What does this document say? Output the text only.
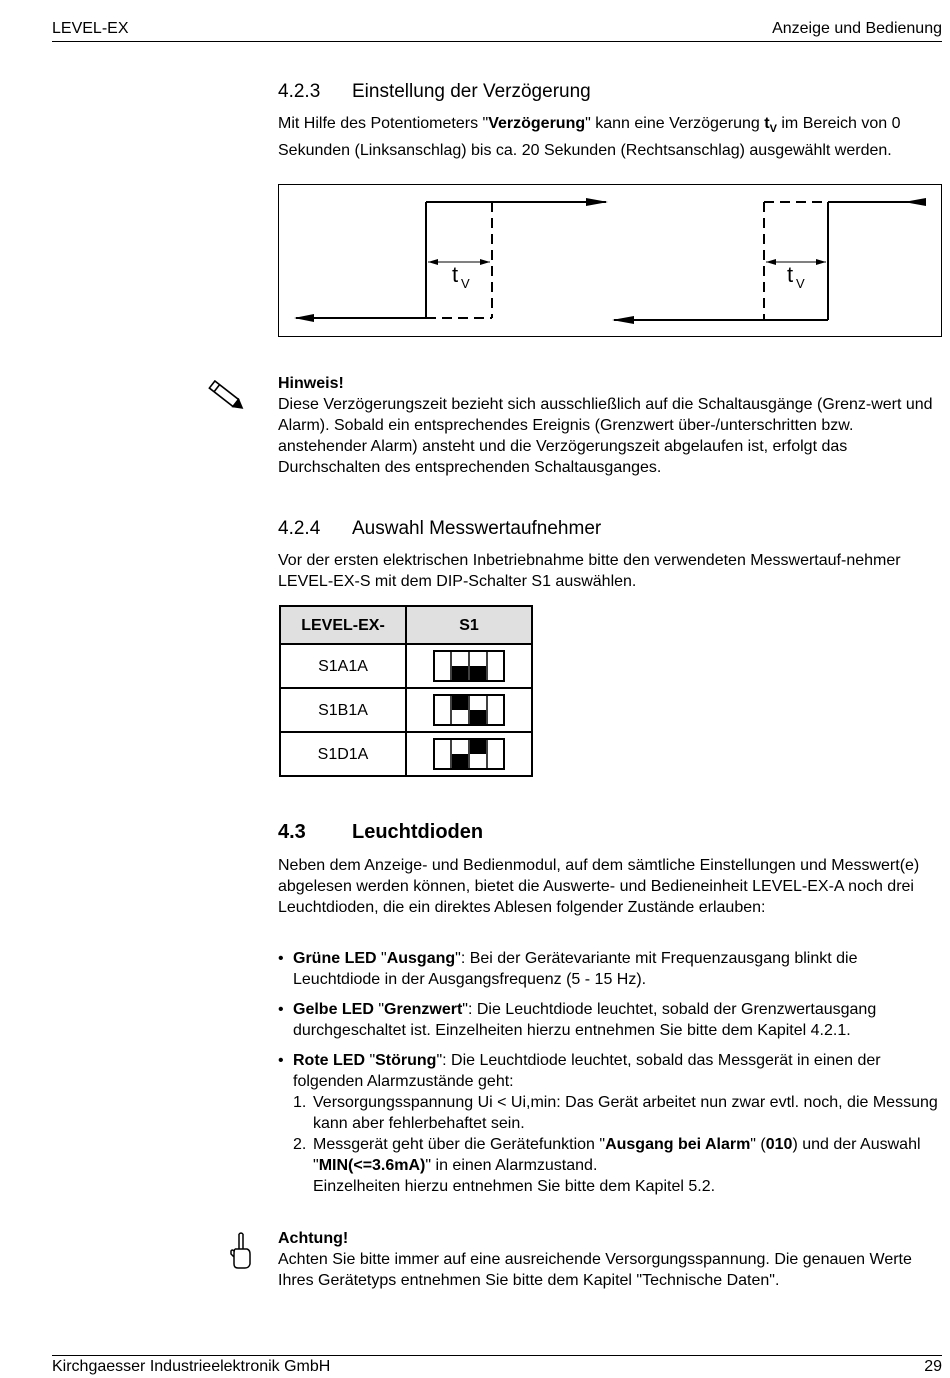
LEVEL-EX	Anzeige und Bedienung
4.2.3 Einstellung der Verzögerung

Mit Hilfe des Potentiometers "Verzögerung" kann eine Verzögerung $t_V$ im Bereich von 0 Sekunden (Linksanschlag) bis ca. 20 Sekunden (Rechtsanschlag) ausgewählt werden.

t V	t V

Hinweis!

Diese Verzögerungszeit bezieht sich ausschließlich auf die Schaltausgänge (Grenz-wert und Alarm). Sobald ein entsprechendes Ereignis (Grenzwert über-/unterschritten bzw. anstehender Alarm) ansteht und die Verzögerungszeit abgelaufen ist, erfolgt das Durchschalten des entsprechenden Schaltausganges.

4.2.4 Auswahl Messwertaufnehmer
Vor der ersten elektrischen Inbetriebnahme bitte den verwendeten Messwertauf-nehmer LEVEL-EX-S mit dem DIP-Schalter S1 auswählen.
LEVEL-EX-	S1
S1A1A	

S1B1A	

S1D1A	
4.3 Leuchtdioden
Neben dem Anzeige- und Bedienmodul, auf dem sämtliche Einstellungen und Messwert(e) abgelesen werden können, bietet die Auswerte- und Bedieneinheit LEVEL-EX-A noch drei Leuchtdioden, die ein direktes Ablesen folgender Zustände erlauben:
• Grüne LED "Ausgang": Bei der Gerätevariante mit Frequenzausgang blinkt die Leuchtdiode in der Ausgangsfrequenz (5 - 15 Hz).
• Gelbe LED "Grenzwert": Die Leuchtdiode leuchtet, sobald der Grenzwertausgang durchgeschaltet ist. Einzelheiten hierzu entnehmen Sie bitte dem Kapitel 4.2.1.
• Rote LED "Störung": Die Leuchtdiode leuchtet, sobald das Messgerät in einen der folgenden Alarmzustände geht:
1. Versorgungsspannung Ui < Ui,min: Das Gerät arbeitet nun zwar evtl. noch, die Messung kann aber fehlerbehaftet sein.
2. Messgerät geht über die Gerätefunktion "Ausgang bei Alarm" (010) und der Auswahl "MIN(<=3.6mA)" in einen Alarmzustand.
Einzelheiten hierzu entnehmen Sie bitte dem Kapitel 5.2.

Achtung!

Achten Sie bitte immer auf eine ausreichende Versorgungsspannung. Die genauen Werte Ihres Gerätetyps entnehmen Sie bitte dem Kapitel "Technische Daten".

Kirchgaesser Industrieelektronik GmbH	29
